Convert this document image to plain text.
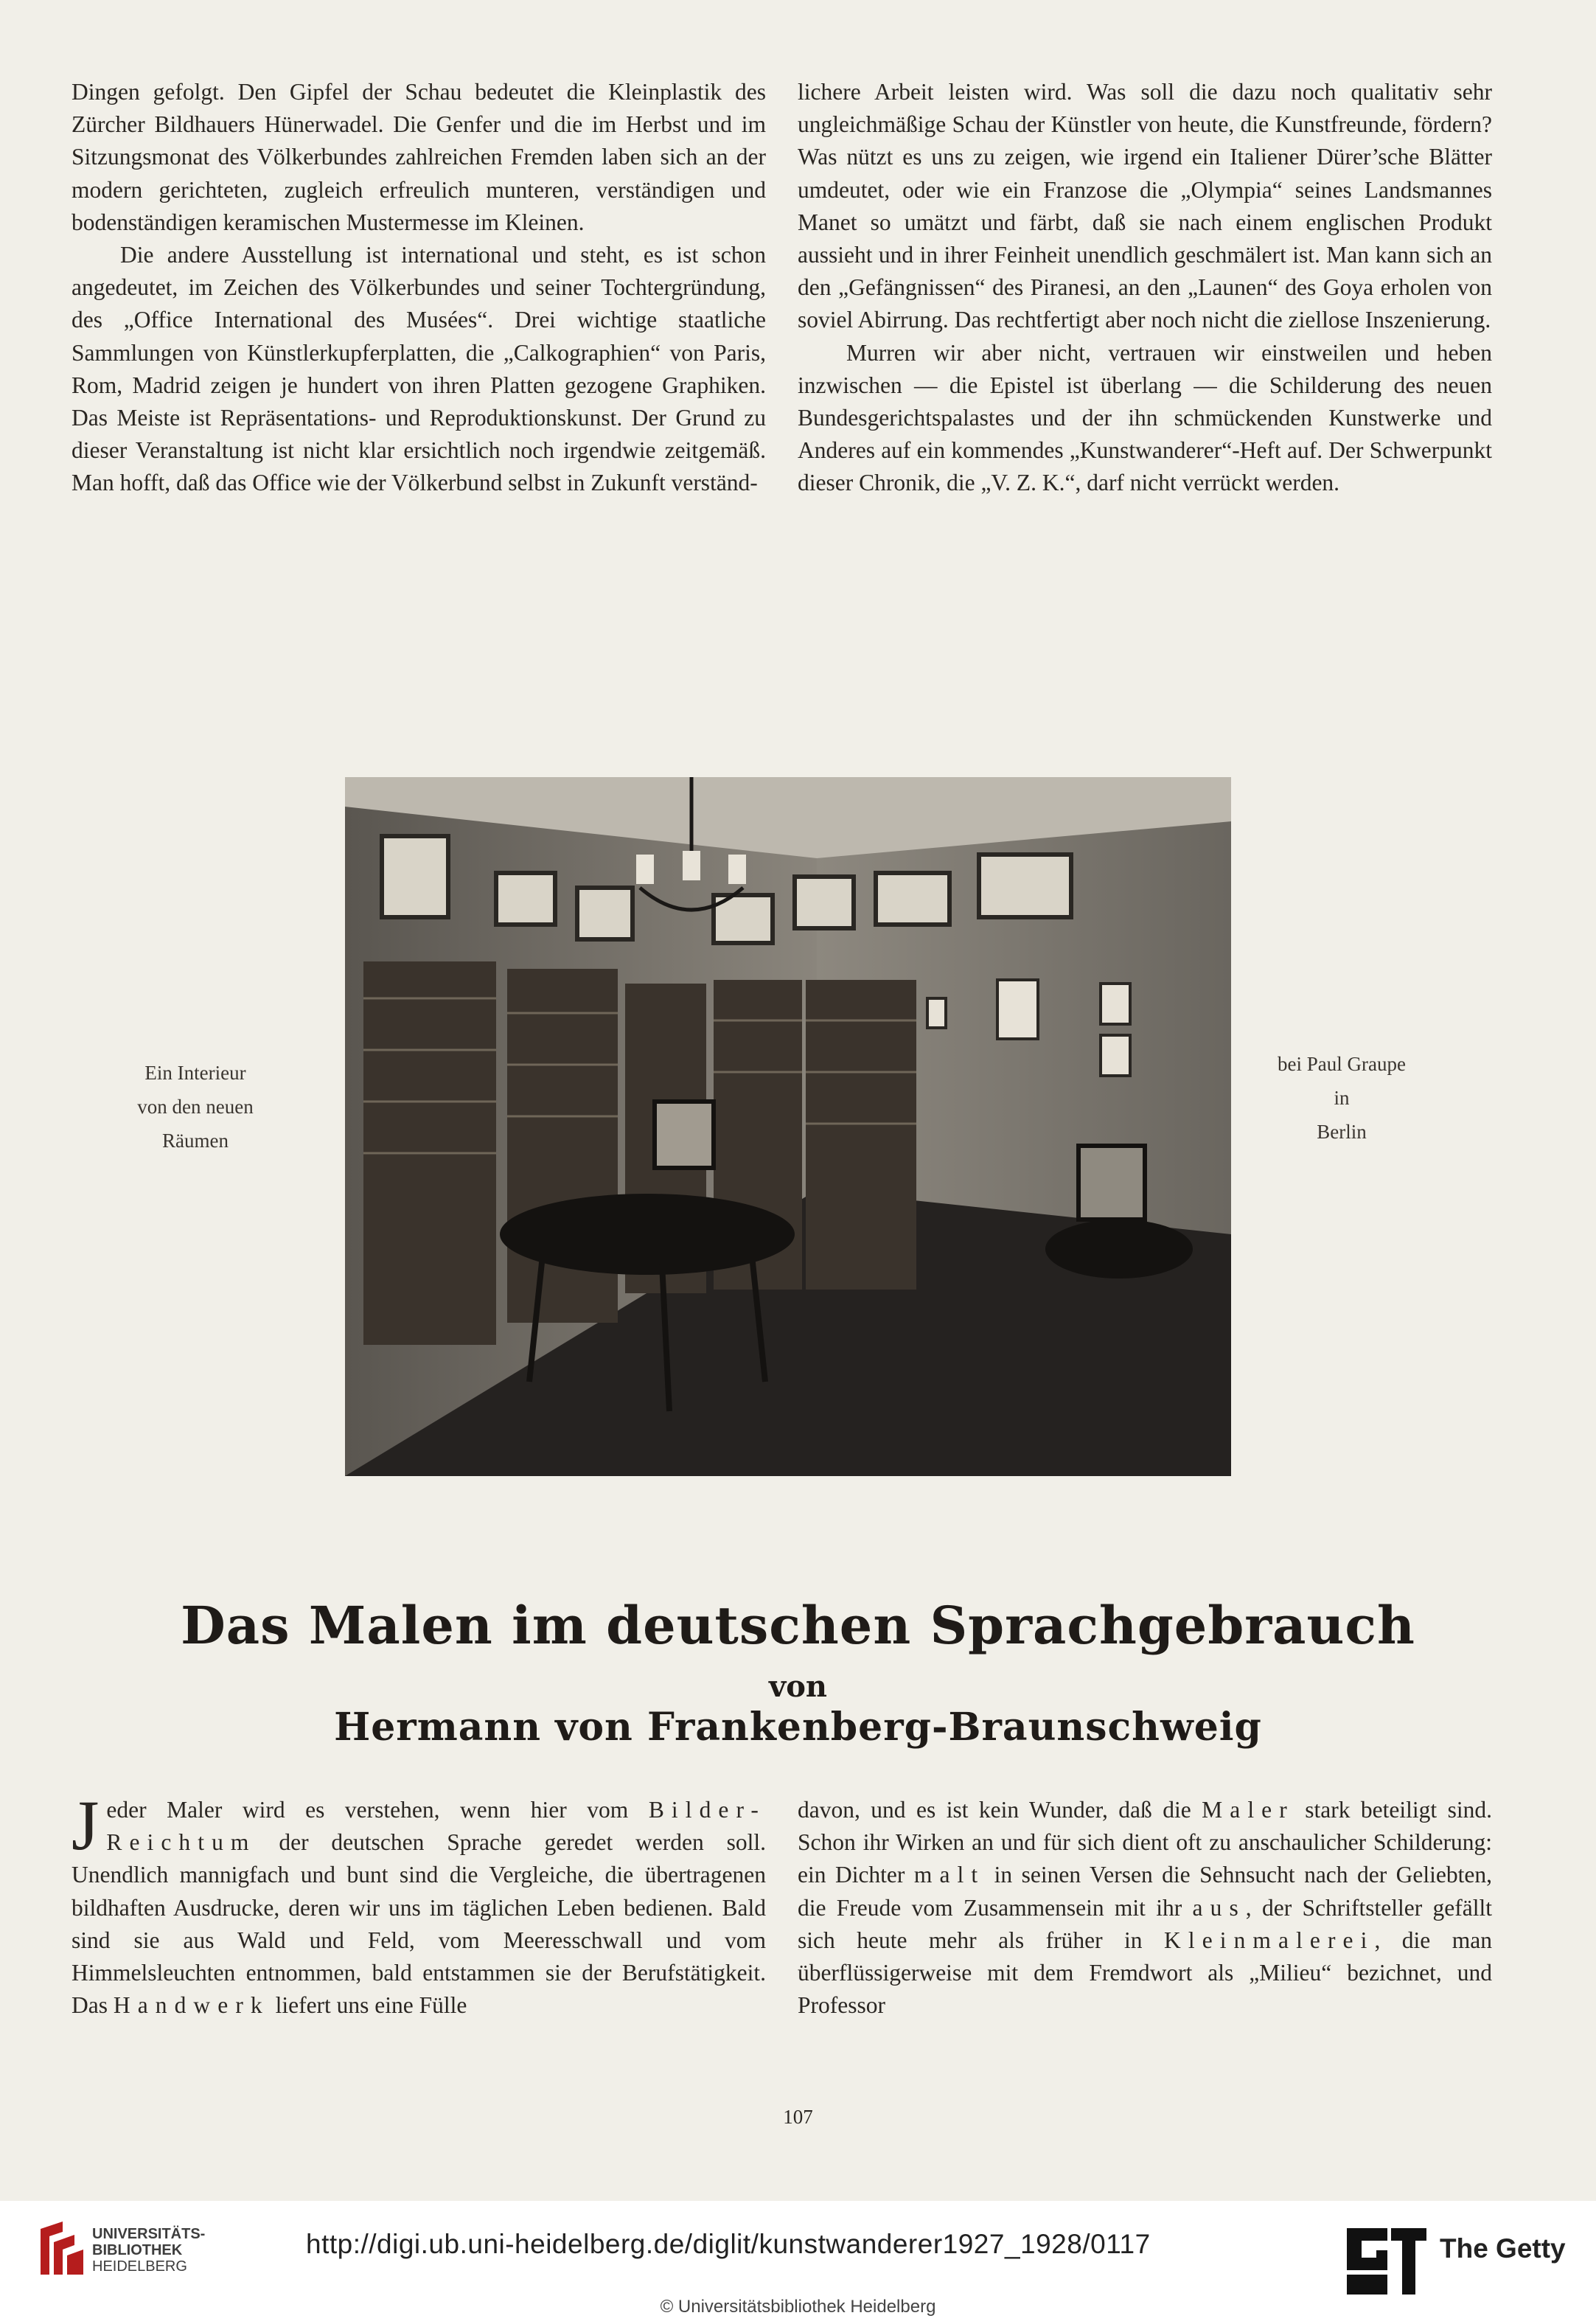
Dingen gefolgt. Den Gipfel der Schau bedeutet die Kleinplastik des Zürcher Bildhauers Hünerwadel. Die Genfer und die im Herbst und im Sitzungsmonat des Völkerbundes zahlreichen Fremden laben sich an der modern gerichteten, zugleich erfreulich munteren, verständigen und bodenständigen keramischen Mustermesse im Kleinen.

Die andere Ausstellung ist international und steht, es ist schon angedeutet, im Zeichen des Völkerbundes und seiner Tochtergründung, des „Office International des Musées“. Drei wichtige staatliche Sammlungen von Künstlerkupferplatten, die „Calkographien“ von Paris, Rom, Madrid zeigen je hundert von ihren Platten gezogene Graphiken. Das Meiste ist Repräsentations- und Reproduktionskunst. Der Grund zu dieser Veranstaltung ist nicht klar ersichtlich noch irgendwie zeitgemäß. Man hofft, daß das Office wie der Völkerbund selbst in Zukunft verständ-

lichere Arbeit leisten wird. Was soll die dazu noch qualitativ sehr ungleichmäßige Schau der Künstler von heute, die Kunstfreunde, fördern? Was nützt es uns zu zeigen, wie irgend ein Italiener Dürer’sche Blätter umdeutet, oder wie ein Franzose die „Olympia“ seines Landsmannes Manet so umätzt und färbt, daß sie nach einem englischen Produkt aussieht und in ihrer Feinheit unendlich geschmälert ist. Man kann sich an den „Gefängnissen“ des Piranesi, an den „Launen“ des Goya erholen von soviel Abirrung. Das rechtfertigt aber noch nicht die ziellose Inszenierung.

Murren wir aber nicht, vertrauen wir einstweilen und heben inzwischen — die Epistel ist überlang — die Schilderung des neuen Bundesgerichtspalastes und der ihn schmückenden Kunstwerke und Anderes auf ein kommendes „Kunstwanderer“-Heft auf. Der Schwerpunkt dieser Chronik, die „V. Z. K.“, darf nicht verrückt werden.

Ein Interieur
von den neuen
Räumen
bei Paul Graupe
in
Berlin
Das Malen im deutschen Sprachgebrauch
von
Hermann von Frankenberg-Braunschweig

Jeder Maler wird es verstehen, wenn hier vom Bilder-Reichtum der deutschen Sprache geredet werden soll. Unendlich mannigfach und bunt sind die Vergleiche, die übertragenen bildhaften Ausdrucke, deren wir uns im täglichen Leben bedienen. Bald sind sie aus Wald und Feld, vom Meeresschwall und vom Himmelsleuchten entnommen, bald entstammen sie der Berufstätigkeit. Das Handwerk liefert uns eine Fülle

davon, und es ist kein Wunder, daß die Maler stark beteiligt sind. Schon ihr Wirken an und für sich dient oft zu anschaulicher Schilderung: ein Dichter malt in seinen Versen die Sehnsucht nach der Geliebten, die Freude vom Zusammensein mit ihr aus, der Schriftsteller gefällt sich heute mehr als früher in Kleinmalerei, die man überflüssigerweise mit dem Fremdwort als „Milieu“ bezichnet, und Professor

107
UNIVERSITÄTS-
BIBLIOTHEK
HEIDELBERG
http://digi.ub.uni-heidelberg.de/diglit/kunstwanderer1927_1928/0117	The Getty
© Universitätsbibliothek Heidelberg
